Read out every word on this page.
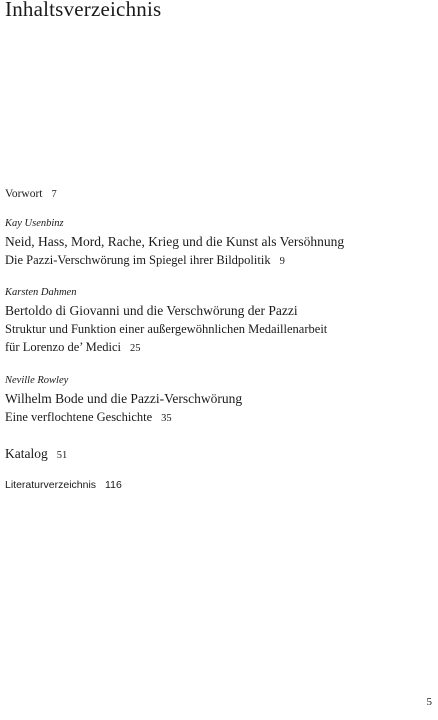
Inhaltsverzeichnis
Vorwort 7
Kay Usenbinz
Neid, Hass, Mord, Rache, Krieg und die Kunst als Versöhnung
Die Pazzi-Verschwörung im Spiegel ihrer Bildpolitik 9
Karsten Dahmen
Bertoldo di Giovanni und die Verschwörung der Pazzi
Struktur und Funktion einer außergewöhnlichen Medaillenarbeit
für Lorenzo de’ Medici 25
Neville Rowley
Wilhelm Bode und die Pazzi-Verschwörung
Eine verflochtene Geschichte 35
Katalog 51
Literaturverzeichnis 116
5
